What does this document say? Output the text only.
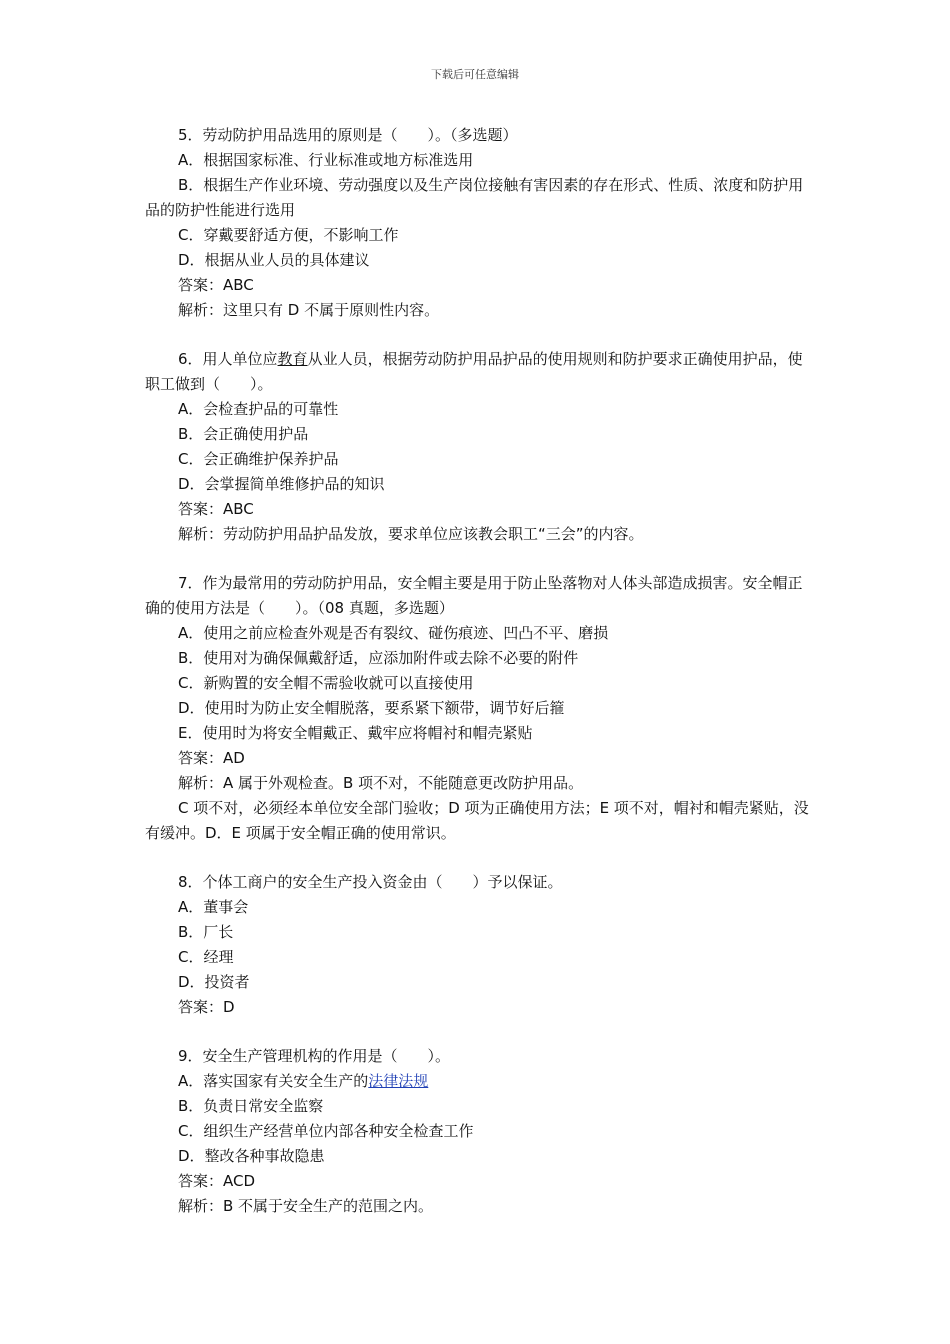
下载后可任意编辑
5．劳动防护用品选用的原则是（　　）。（多选题）
A．根据国家标准、行业标准或地方标准选用
B．根据生产作业环境、劳动强度以及生产岗位接触有害因素的存在形式、性质、浓度和防护用品的防护性能进行选用
C．穿戴要舒适方便，不影响工作
D．根据从业人员的具体建议
答案：ABC
解析：这里只有 D 不属于原则性内容。
6．用人单位应教育从业人员，根据劳动防护用品护品的使用规则和防护要求正确使用护品，使职工做到（　　）。
A．会检查护品的可靠性
B．会正确使用护品
C．会正确维护保养护品
D．会掌握简单维修护品的知识
答案：ABC
解析：劳动防护用品护品发放，要求单位应该教会职工“三会”的内容。
7．作为最常用的劳动防护用品，安全帽主要是用于防止坠落物对人体头部造成损害。安全帽正确的使用方法是（　　）。（08 真题，多选题）
A．使用之前应检查外观是否有裂纹、碰伤痕迹、凹凸不平、磨损
B．使用对为确保佩戴舒适，应添加附件或去除不必要的附件
C．新购置的安全帽不需验收就可以直接使用
D．使用时为防止安全帽脱落，要系紧下额带，调节好后箍
E．使用时为将安全帽戴正、戴牢应将帽衬和帽壳紧贴
答案：AD
解析：A 属于外观检查。B 项不对，不能随意更改防护用品。
C 项不对，必须经本单位安全部门验收；D 项为正确使用方法；E 项不对，帽衬和帽壳紧贴，没有缓冲。D．E 项属于安全帽正确的使用常识。
8．个体工商户的安全生产投入资金由（　　）予以保证。
A．董事会
B．厂长
C．经理
D．投资者
答案：D
9．安全生产管理机构的作用是（　　）。
A．落实国家有关安全生产的法律法规
B．负责日常安全监察
C．组织生产经营单位内部各种安全检查工作
D．整改各种事故隐患
答案：ACD
解析：B 不属于安全生产的范围之内。
